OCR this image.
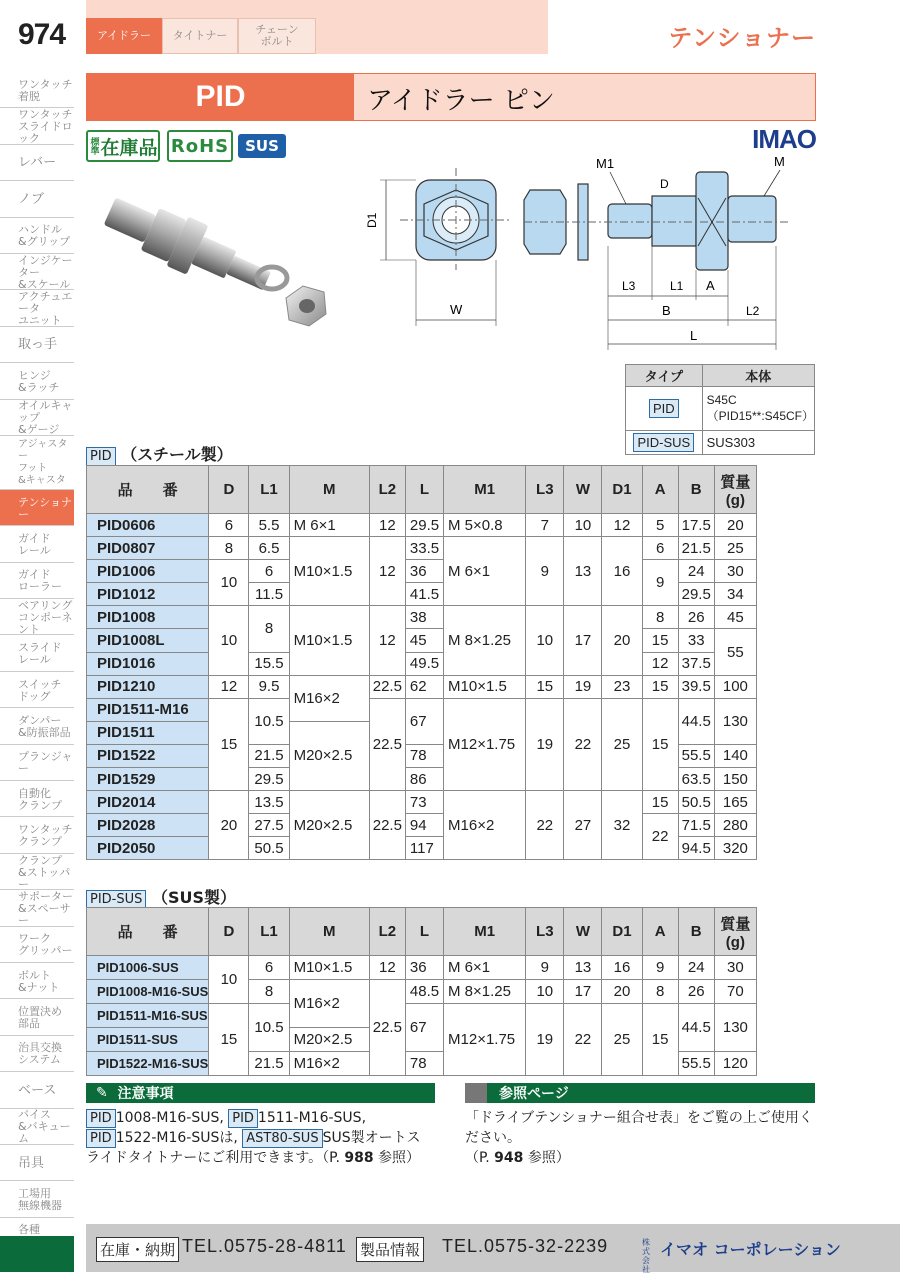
974	アイドラー タイトナー	チェーン
ボルト	テンショナー
ワンタッチ
着脱
ワンタッチ
スライドロック
レバー
ノブ
ハンドル
&グリップ
インジケーター
&スケール
アクチュエータ
ユニット
取っ手
ヒンジ
&ラッチ
オイルキャップ
&ゲージ
アジャスター
フット
&キャスタ
テンショナー
ガイド
レール
ガイド
ローラー
ベアリング
コンポーネント
スライド
レール
スイッチ
ドッグ
ダンパー
&防振部品
プランジャー
自動化
クランプ
ワンタッチ
クランプ
クランプ
&ストッパー
サポーター
&スペーサー
ワーク
グリッパー
ボルト
&ナット
位置決め
部品
治具交換
システム
ベース
バイス
&バキューム
吊具
工場用
無線機器
各種

PID	アイドラー ピン
標準 在庫品 RoHS	SUS	IMAO
D1
W
M1	M
D
L3	L1 A
B	L2
L
タイプ	本体
PID	S45C
（PID15**:S45CF）
PID-SUS	SUS303
PID （スチール製）
品　　番	D	L1	M	L2	L	M1	L3	W	D1	A	B	質量
(g)
PID0606	6	5.5	M 6×1	12	29.5	M 5×0.8	7	10	12	5	17.5	20
PID0807	8	6.5	M10×1.5	12	33.5	M 6×1	9	13	16	6	21.5	25
PID1006	10	6			36					9	24	30
PID1012		11.5			41.5						29.5	34
PID1008	10	8	M10×1.5	12	38	M 8×1.25	10	17	20	8	26	45
PID1008L					45					15	33	55
PID1016		15.5			49.5					12	37.5	
PID1210	12	9.5	M16×2	22.5	62	M10×1.5	15	19	23	15	39.5	100
PID1511-M16	15	10.5		22.5	67	M12×1.75	19	22	25	15	44.5	130
PID1511			M20×2.5									
PID1522		21.5			78						55.5	140
PID1529		29.5			86						63.5	150
PID2014	20	13.5	M20×2.5	22.5	73	M16×2	22	27	32	15	50.5	165
PID2028		27.5			94					22	71.5	280
PID2050		50.5			117						94.5	320
PID-SUS （SUS製）
品　　番	D	L1	M	L2	L	M1	L3	W	D1	A	B	質量
(g)
PID1006-SUS	10	6	M10×1.5	12	36	M 6×1	9	13	16	9	24	30
PID1008-M16-SUS		8	M16×2	22.5	48.5	M 8×1.25	10	17	20	8	26	70
PID1511-M16-SUS	15	10.5			67	M12×1.75	19	22	25	15	44.5	130
PID1511-SUS			M20×2.5									
PID1522-M16-SUS		21.5	M16×2		78						55.5	120
✎ 注意事項
PID 1008-M16-SUS, PID 1511-M16-SUS,
PID 1522-M16-SUSは, AST80-SUS SUS製オートス
ライドタイトナーにご利用できます。（P. 988 参照）
参照ページ
「ドライブテンショナー組合せ表」をご覧の上ご使用ください。
（P. 948 参照）
在庫・納期 TEL.0575-28-4811 製品情報 TEL.0575-32-2239	株式会社
イマオ コーポレーション
